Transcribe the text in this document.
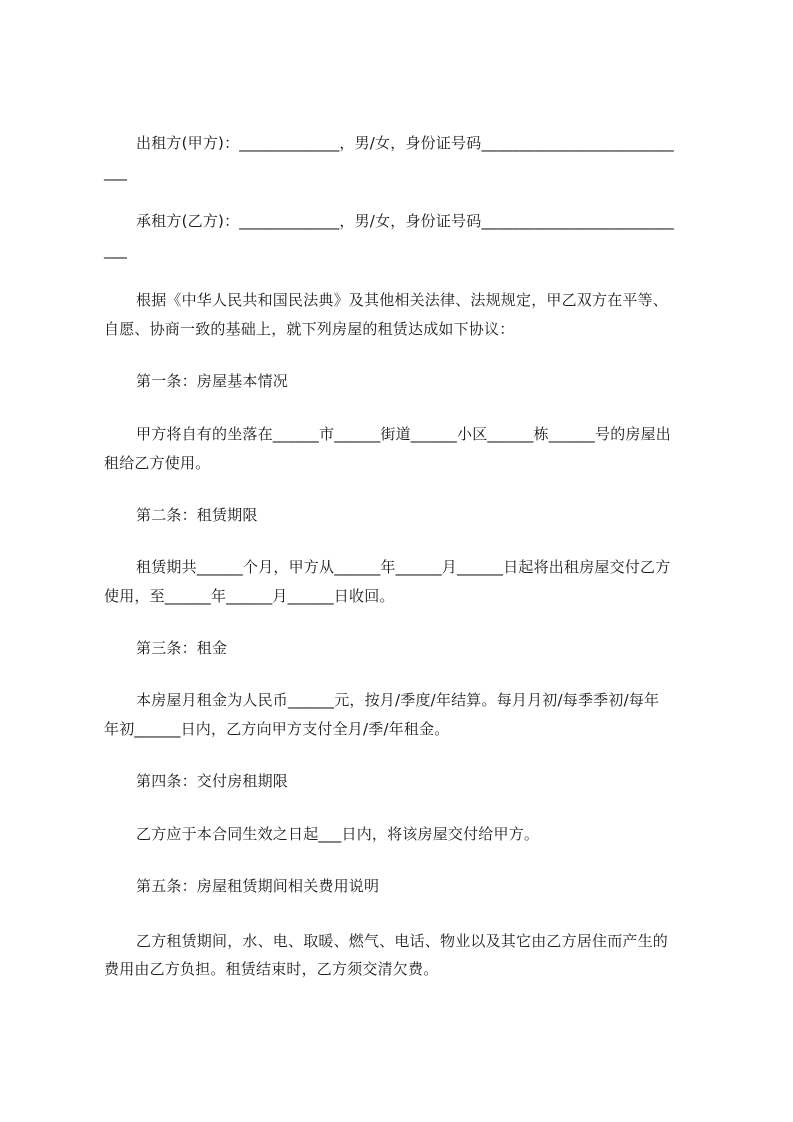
出租方(甲方)：_____________，男/女，身份证号码_________________________
___
承租方(乙方)：_____________，男/女，身份证号码_________________________
___
根据《中华人民共和国民法典》及其他相关法律、法规规定，甲乙双方在平等、
自愿、协商一致的基础上，就下列房屋的租赁达成如下协议：
第一条：房屋基本情况
甲方将自有的坐落在______市______街道______小区______栋______号的房屋出
租给乙方使用。
第二条：租赁期限
租赁期共______个月，甲方从______年______月______日起将出租房屋交付乙方
使用，至______年______月______日收回。
第三条：租金
本房屋月租金为人民币______元，按月/季度/年结算。每月月初/每季季初/每年
年初______日内，乙方向甲方支付全月/季/年租金。
第四条：交付房租期限
乙方应于本合同生效之日起___日内，将该房屋交付给甲方。
第五条：房屋租赁期间相关费用说明
乙方租赁期间，水、电、取暖、燃气、电话、物业以及其它由乙方居住而产生的
费用由乙方负担。租赁结束时，乙方须交清欠费。
